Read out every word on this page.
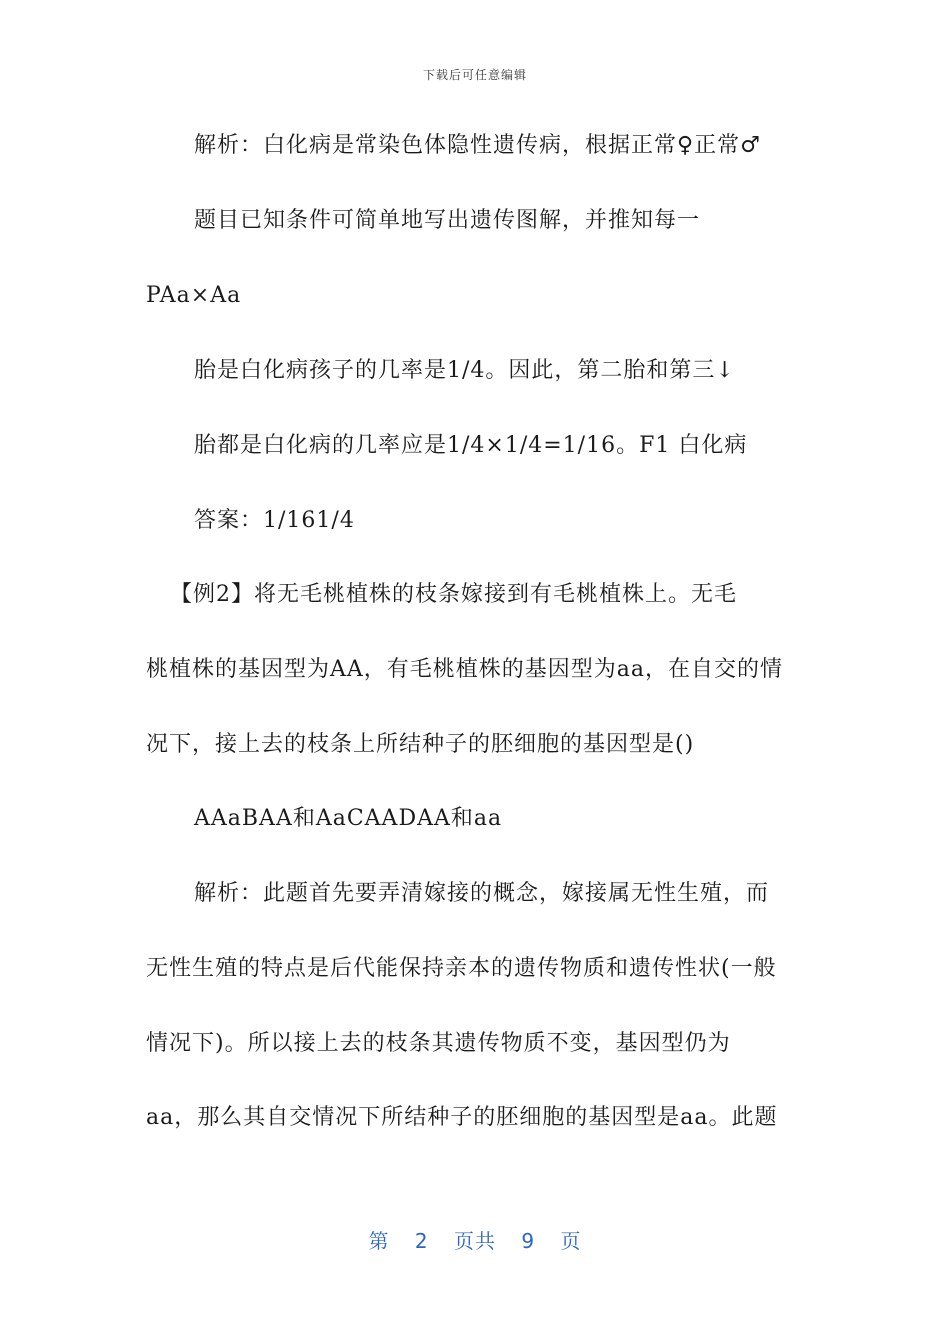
下载后可任意编辑
解析：白化病是常染色体隐性遗传病，根据正常♀正常♂
题目已知条件可简单地写出遗传图解，并推知每一
PAa×Aa
胎是白化病孩子的几率是1/4。因此，第二胎和第三↓
胎都是白化病的几率应是1/4×1/4=1/16。F1 白化病
答案：1/161/4
【例2】将无毛桃植株的枝条嫁接到有毛桃植株上。无毛
桃植株的基因型为AA，有毛桃植株的基因型为aa，在自交的情
况下，接上去的枝条上所结种子的胚细胞的基因型是()
AAaBAA和AaCAADAA和aa
解析：此题首先要弄清嫁接的概念，嫁接属无性生殖，而
无性生殖的特点是后代能保持亲本的遗传物质和遗传性状(一般
情况下)。所以接上去的枝条其遗传物质不变，基因型仍为
aa，那么其自交情况下所结种子的胚细胞的基因型是aa。此题
第 2 页共 9 页
